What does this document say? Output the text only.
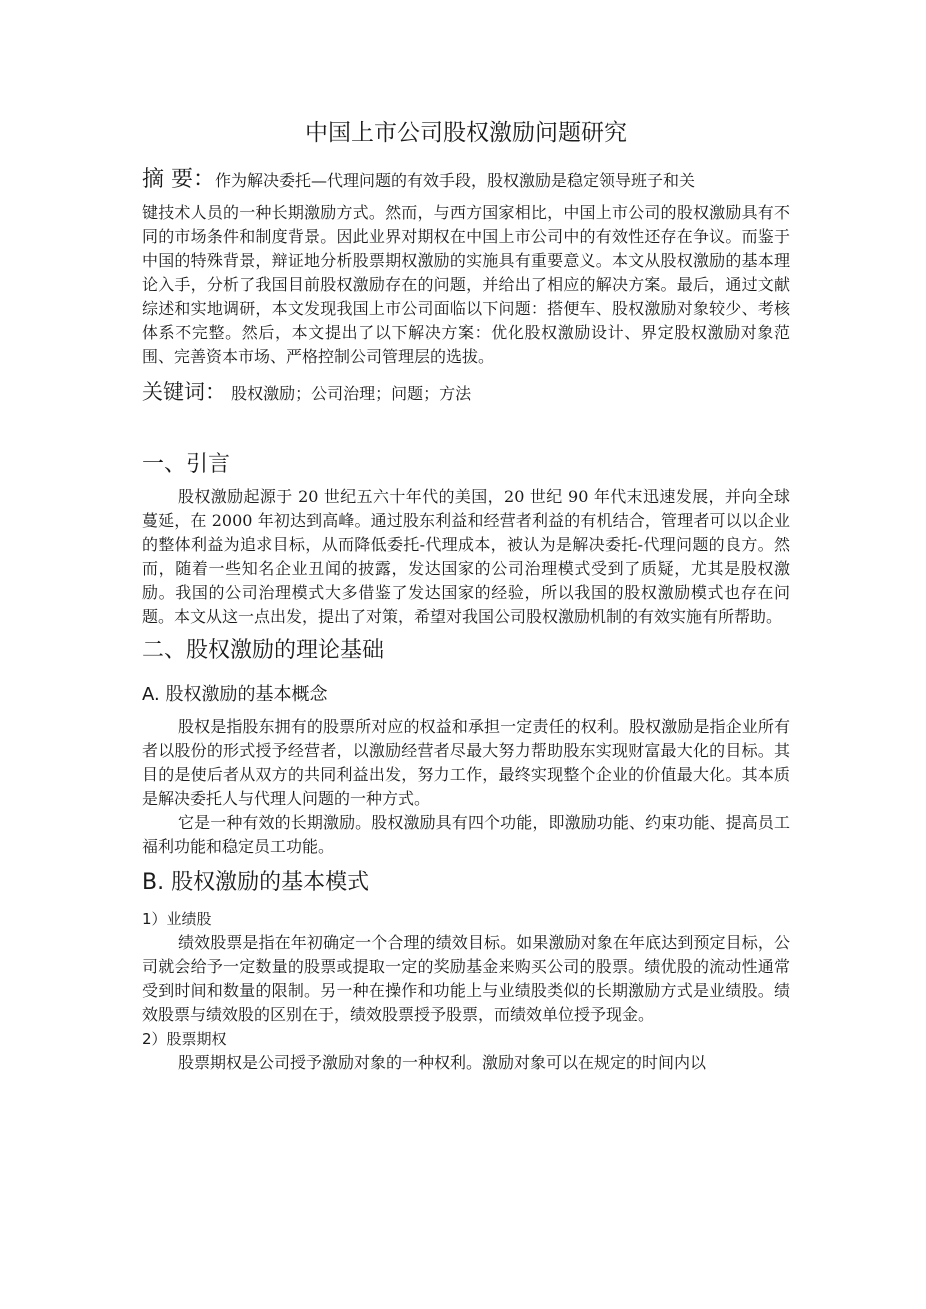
中国上市公司股权激励问题研究
摘 要：作为解决委托—代理问题的有效手段，股权激励是稳定领导班子和关
键技术人员的一种长期激励方式。然而，与西方国家相比，中国上市公司的股权激励具有不同的市场条件和制度背景。因此业界对期权在中国上市公司中的有效性还存在争议。而鉴于中国的特殊背景，辩证地分析股票期权激励的实施具有重要意义。本文从股权激励的基本理论入手，分析了我国目前股权激励存在的问题，并给出了相应的解决方案。最后，通过文献综述和实地调研，本文发现我国上市公司面临以下问题：搭便车、股权激励对象较少、考核体系不完整。然后，本文提出了以下解决方案：优化股权激励设计、界定股权激励对象范围、完善资本市场、严格控制公司管理层的选拔。

关键词： 股权激励；公司治理；问题；方法

一、引言

股权激励起源于 20 世纪五六十年代的美国，20 世纪 90 年代末迅速发展，并向全球蔓延，在 2000 年初达到高峰。通过股东利益和经营者利益的有机结合，管理者可以以企业的整体利益为追求目标，从而降低委托-代理成本，被认为是解决委托-代理问题的良方。然而，随着一些知名企业丑闻的披露，发达国家的公司治理模式受到了质疑，尤其是股权激励。我国的公司治理模式大多借鉴了发达国家的经验，所以我国的股权激励模式也存在问题。本文从这一点出发，提出了对策，希望对我国公司股权激励机制的有效实施有所帮助。

二、股权激励的理论基础
A. 股权激励的基本概念

股权是指股东拥有的股票所对应的权益和承担一定责任的权利。股权激励是指企业所有者以股份的形式授予经营者，以激励经营者尽最大努力帮助股东实现财富最大化的目标。其目的是使后者从双方的共同利益出发，努力工作，最终实现整个企业的价值最大化。其本质是解决委托人与代理人问题的一种方式。

它是一种有效的长期激励。股权激励具有四个功能，即激励功能、约束功能、提高员工福利功能和稳定员工功能。

B. 股权激励的基本模式

1）业绩股

绩效股票是指在年初确定一个合理的绩效目标。如果激励对象在年底达到预定目标，公司就会给予一定数量的股票或提取一定的奖励基金来购买公司的股票。绩优股的流动性通常受到时间和数量的限制。另一种在操作和功能上与业绩股类似的长期激励方式是业绩股。绩效股票与绩效股的区别在于，绩效股票授予股票，而绩效单位授予现金。

2）股票期权

股票期权是公司授予激励对象的一种权利。激励对象可以在规定的时间内以
